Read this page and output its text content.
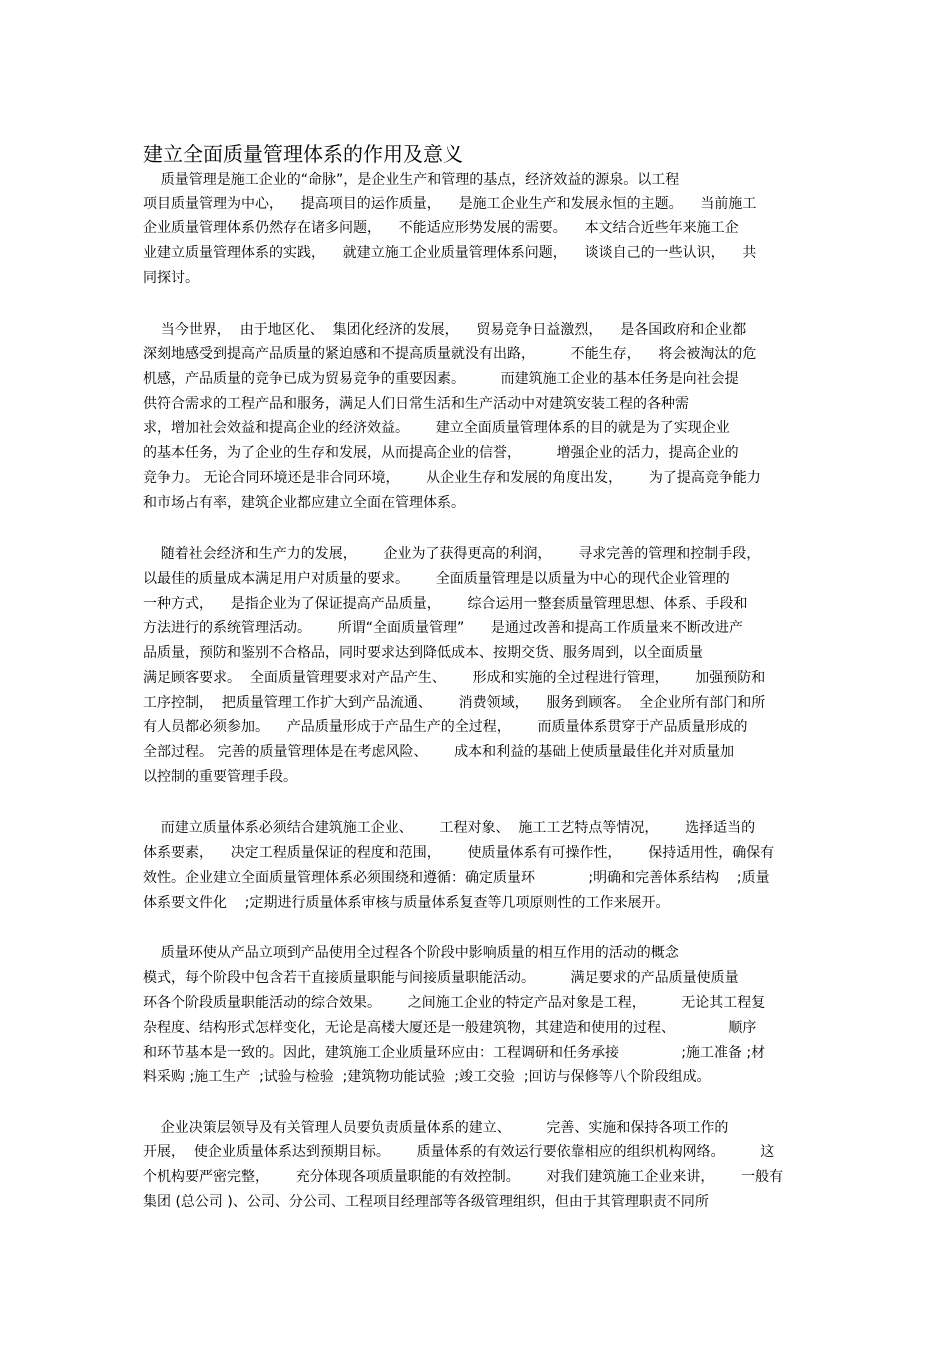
建立全面质量管理体系的作用及意义
质量管理是施工企业的“命脉”，是企业生产和管理的基点，经济效益的源泉。以工程
项目质量管理为中心，    提高项目的运作质量，    是施工企业生产和发展永恒的主题。    当前施工
企业质量管理体系仍然存在诸多问题，    不能适应形势发展的需要。    本文结合近些年来施工企
业建立质量管理体系的实践，    就建立施工企业质量管理体系问题，    谈谈自己的一些认识，    共
同探讨。
当今世界，  由于地区化、  集团化经济的发展，    贸易竞争日益激烈，    是各国政府和企业都
深刻地感受到提高产品质量的紧迫感和不提高质量就没有出路，        不能生存，    将会被淘汰的危
机感，产品质量的竞争已成为贸易竞争的重要因素。        而建筑施工企业的基本任务是向社会提
供符合需求的工程产品和服务，满足人们日常生活和生产活动中对建筑安装工程的各种需
求，增加社会效益和提高企业的经济效益。      建立全面质量管理体系的目的就是为了实现企业
的基本任务，为了企业的生存和发展，从而提高企业的信誉，        增强企业的活力，提高企业的
竞争力。 无论合同环境还是非合同环境，      从企业生存和发展的角度出发，      为了提高竞争能力
和市场占有率，建筑企业都应建立全面在管理体系。
随着社会经济和生产力的发展，      企业为了获得更高的利润，      寻求完善的管理和控制手段，
以最佳的质量成本满足用户对质量的要求。      全面质量管理是以质量为中心的现代企业管理的
一种方式，    是指企业为了保证提高产品质量，      综合运用一整套质量管理思想、体系、手段和
方法进行的系统管理活动。      所谓“全面质量管理”      是通过改善和提高工作质量来不断改进产
品质量，预防和鉴别不合格品，同时要求达到降低成本、按期交货、服务周到，以全面质量
满足顾客要求。  全面质量管理要求对产品产生、      形成和实施的全过程进行管理，      加强预防和
工序控制，  把质量管理工作扩大到产品流通、      消费领域，    服务到顾客。  全企业所有部门和所
有人员都必须参加。    产品质量形成于产品生产的全过程，      而质量体系贯穿于产品质量形成的
全部过程。 完善的质量管理体是在考虑风险、      成本和利益的基础上使质量最佳化并对质量加
以控制的重要管理手段。
而建立质量体系必须结合建筑施工企业、      工程对象、  施工工艺特点等情况，      选择适当的
体系要素，    决定工程质量保证的程度和范围，      使质量体系有可操作性，      保持适用性，确保有
效性。企业建立全面质量管理体系必须围绕和遵循：确定质量环            ;明确和完善体系结构    ;质量
体系要文件化    ;定期进行质量体系审核与质量体系复查等几项原则性的工作来展开。
质量环使从产品立项到产品使用全过程各个阶段中影响质量的相互作用的活动的概念
模式，每个阶段中包含若干直接质量职能与间接质量职能活动。        满足要求的产品质量使质量
环各个阶段质量职能活动的综合效果。      之间施工企业的特定产品对象是工程，        无论其工程复
杂程度、结构形式怎样变化，无论是高楼大厦还是一般建筑物，其建造和使用的过程、            顺序
和环节基本是一致的。因此，建筑施工企业质量环应由：工程调研和任务承接              ;施工准备 ;材
料采购 ;施工生产  ;试验与检验  ;建筑物功能试验  ;竣工交验  ;回访与保修等八个阶段组成。
企业决策层领导及有关管理人员要负责质量体系的建立、        完善、实施和保持各项工作的
开展，  使企业质量体系达到预期目标。      质量体系的有效运行要依靠相应的组织机构网络。        这
个机构要严密完整，      充分体现各项质量职能的有效控制。      对我们建筑施工企业来讲，      一般有
集团 (总公司 )、公司、分公司、工程项目经理部等各级管理组织，但由于其管理职责不同所
